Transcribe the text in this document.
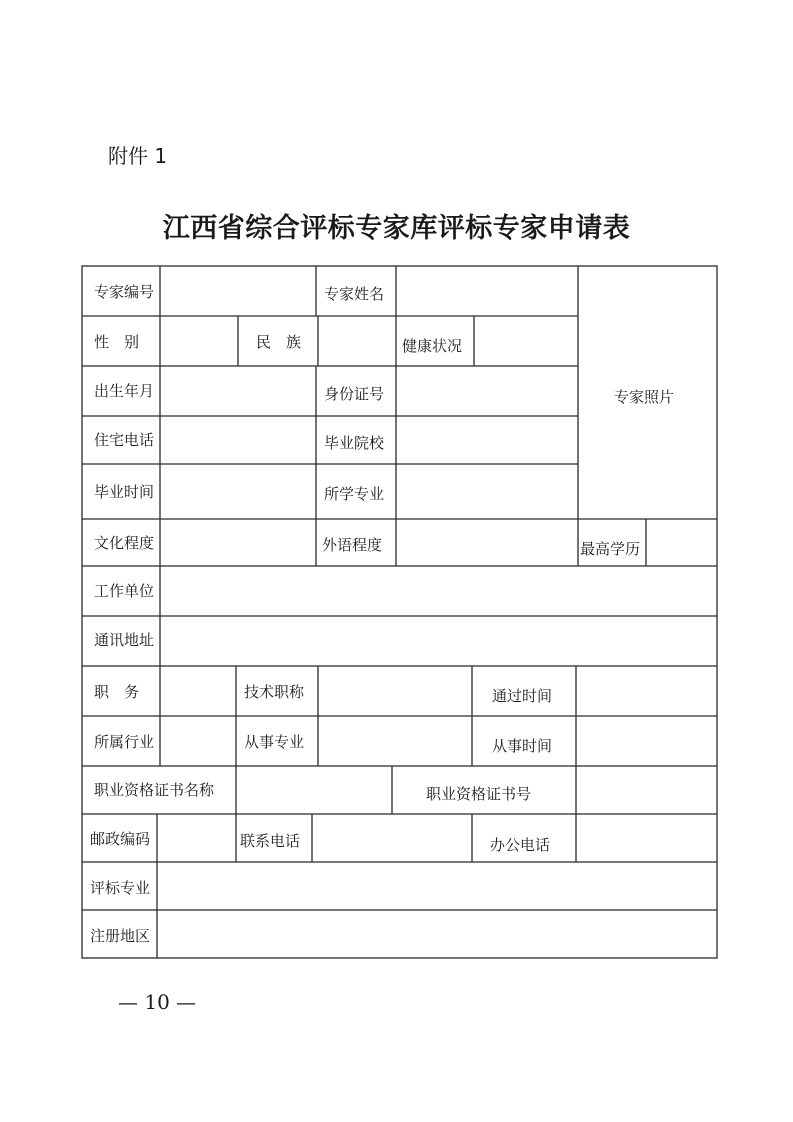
附件 1
江西省综合评标专家库评标专家申请表
专家编号	专家姓名
专家照片
性　别	民　族	健康状况
出生年月	身份证号
住宅电话	毕业院校
毕业时间	所学专业
文化程度	外语程度	最高学历
工作单位
通讯地址
职　务	技术职称	通过时间
所属行业	从事专业	从事时间
职业资格证书名称	职业资格证书号
邮政编码	联系电话	办公电话
评标专业
注册地区
— 10 —
